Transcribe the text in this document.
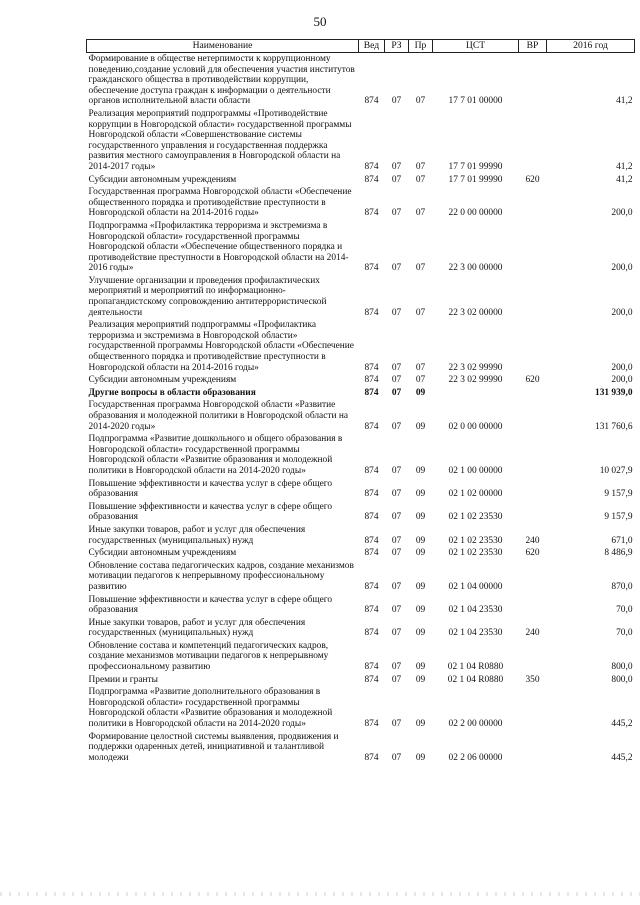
50
Наименование	Вед	РЗ	Пр	ЦСТ	ВР	2016 год
Формирование в обществе нетерпимости к коррупционному поведению,создание условий для обеспечения участия институтов гражданского общества в противодействии коррупции, обеспечение доступа граждан к информации о деятельности органов исполнительной власти области	874	07	07	17 7 01 00000		41,2
Реализация мероприятий подпрограммы «Противодействие коррупции в Новгородской области» государственной программы Новгородской области «Совершенствование системы государственного управления и государственная поддержка развития местного самоуправления в Новгородской области на 2014-2017 годы»	874	07	07	17 7 01 99990		41,2
Субсидии автономным учреждениям	874	07	07	17 7 01 99990	620	41,2
Государственная программа Новгородской области «Обеспечение общественного порядка и противодействие преступности в Новгородской области на 2014-2016 годы»	874	07	07	22 0 00 00000		200,0
Подпрограмма «Профилактика терроризма и экстремизма в Новгородской области» государственной программы Новгородской области «Обеспечение общественного порядка и противодействие преступности в Новгородской области на 2014-2016 годы»	874	07	07	22 3 00 00000		200,0
Улучшение организации и проведения профилактических мероприятий и мероприятий по информационно-пропагандистскому сопровождению антитеррористической деятельности	874	07	07	22 3 02 00000		200,0
Реализация мероприятий подпрограммы «Профилактика терроризма и экстремизма в Новгородской области» государственной программы Новгородской области «Обеспечение общественного порядка и противодействие преступности в Новгородской области на 2014-2016 годы»	874	07	07	22 3 02 99990		200,0
Субсидии автономным учреждениям	874	07	07	22 3 02 99990	620	200,0
Другие вопросы в области образования	874	07	09			131 939,0
Государственная программа Новгородской области «Развитие образования и молодежной политики в Новгородской области на 2014-2020 годы»	874	07	09	02 0 00 00000		131 760,6
Подпрограмма «Развитие дошкольного и общего образования в Новгородской области» государственной программы Новгородской области «Развитие образования и молодежной политики в Новгородской области на 2014-2020 годы»	874	07	09	02 1 00 00000		10 027,9
Повышение эффективности и качества услуг в сфере общего образования	874	07	09	02 1 02 00000		9 157,9
Повышение эффективности и качества услуг в сфере общего образования	874	07	09	02 1 02 23530		9 157,9
Иные закупки товаров, работ и услуг для обеспечения государственных (муниципальных) нужд	874	07	09	02 1 02 23530	240	671,0
Субсидии автономным учреждениям	874	07	09	02 1 02 23530	620	8 486,9
Обновление состава педагогических кадров, создание механизмов мотивации педагогов к непрерывному профессиональному развитию	874	07	09	02 1 04 00000		870,0
Повышение эффективности и качества услуг в сфере общего образования	874	07	09	02 1 04 23530		70,0
Иные закупки товаров, работ и услуг для обеспечения государственных (муниципальных) нужд	874	07	09	02 1 04 23530	240	70,0
Обновление состава и компетенций педагогических кадров, создание механизмов мотивации педагогов к непрерывному профессиональному развитию	874	07	09	02 1 04 R0880		800,0
Премии и гранты	874	07	09	02 1 04 R0880	350	800,0
Подпрограмма «Развитие дополнительного образования в Новгородской области» государственной программы Новгородской области «Развитие образования и молодежной политики в Новгородской области на 2014-2020 годы»	874	07	09	02 2 00 00000		445,2
Формирование целостной системы выявления, продвижения и поддержки одаренных детей, инициативной и талантливой молодежи	874	07	09	02 2 06 00000		445,2
